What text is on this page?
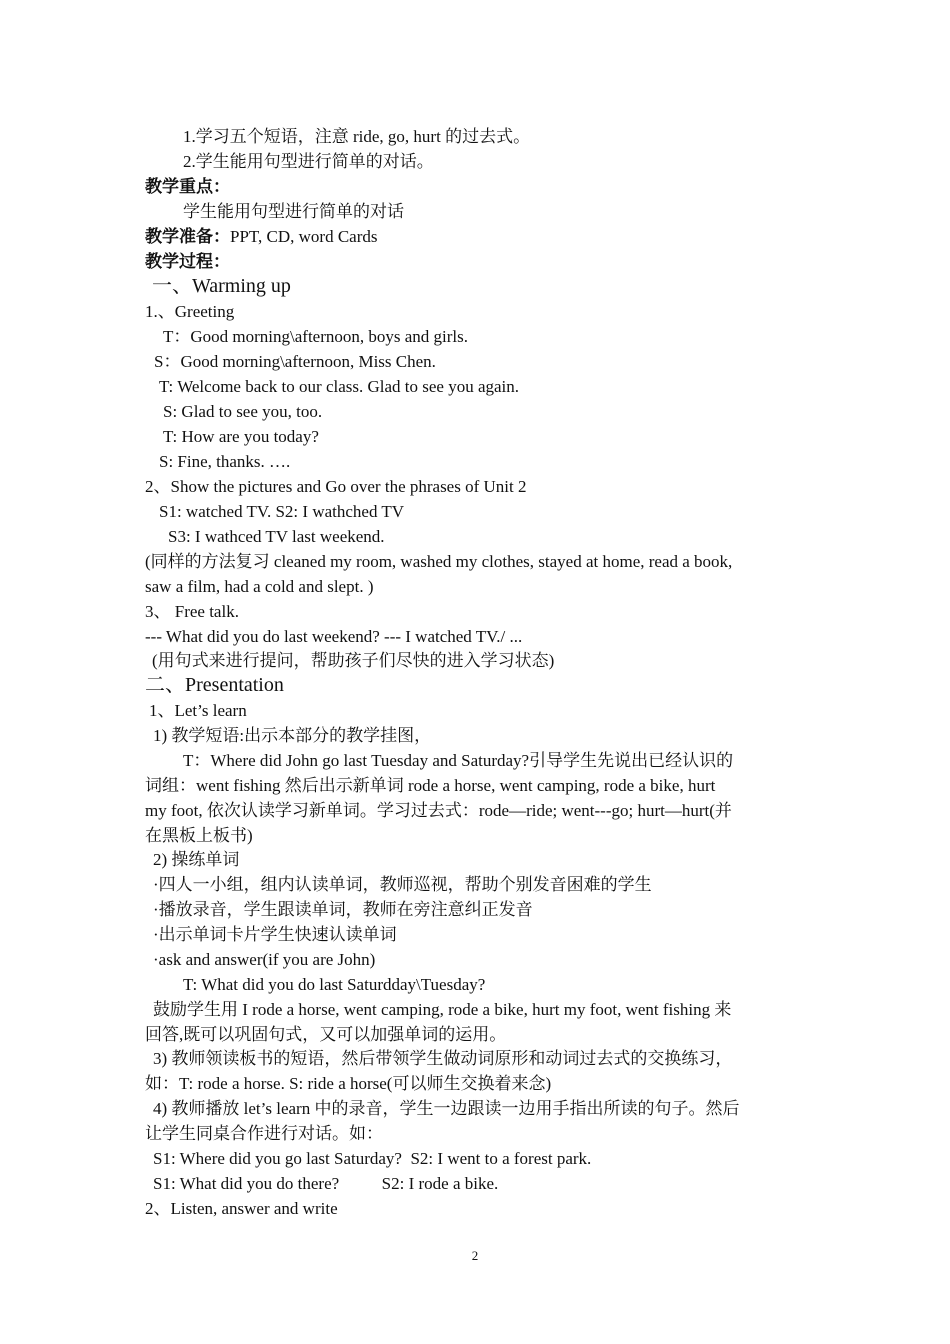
1.学习五个短语，注意 ride, go, hurt 的过去式。
2.学生能用句型进行简单的对话。
教学重点：
学生能用句型进行简单的对话
教学准备：PPT, CD, word Cards
教学过程：
一、Warming up
1.、Greeting
T：Good morning\afternoon, boys and girls.
S：Good morning\afternoon, Miss Chen.
T: Welcome back to our class. Glad to see you again.
S: Glad to see you, too.
T: How are you today?
S: Fine, thanks. ….
2、Show the pictures and Go over the phrases of Unit 2
S1: watched TV. S2: I wathched TV
S3: I wathced TV last weekend.
(同样的方法复习 cleaned my room, washed my clothes, stayed at home, read a book,
saw a film, had a cold and slept. )
3、 Free talk.
--- What did you do last weekend? --- I watched TV./ ...
(用句式来进行提问，帮助孩子们尽快的进入学习状态)
二、Presentation
1、Let’s learn
1) 教学短语:出示本部分的教学挂图，
T：Where did John go last Tuesday and Saturday?引导学生先说出已经认识的
词组：went fishing 然后出示新单词 rode a horse, went camping, rode a bike, hurt
my foot, 依次认读学习新单词。学习过去式：rode—ride; went---go; hurt—hurt(并
在黑板上板书)
2) 操练单词
·四人一小组，组内认读单词，教师巡视，帮助个别发音困难的学生
·播放录音，学生跟读单词，教师在旁注意纠正发音
·出示单词卡片学生快速认读单词
·ask and answer(if you are John)
T: What did you do last Saturdday\Tuesday?
鼓励学生用 I rode a horse, went camping, rode a bike, hurt my foot, went fishing 来
回答,既可以巩固句式，又可以加强单词的运用。
3) 教师领读板书的短语，然后带领学生做动词原形和动词过去式的交换练习，
如：T: rode a horse. S: ride a horse(可以师生交换着来念)
4) 教师播放 let’s learn 中的录音，学生一边跟读一边用手指出所读的句子。然后
让学生同桌合作进行对话。如：
S1: Where did you go last Saturday?  S2: I went to a forest park.
S1: What did you do there?          S2: I rode a bike.
2、Listen, answer and write
2
